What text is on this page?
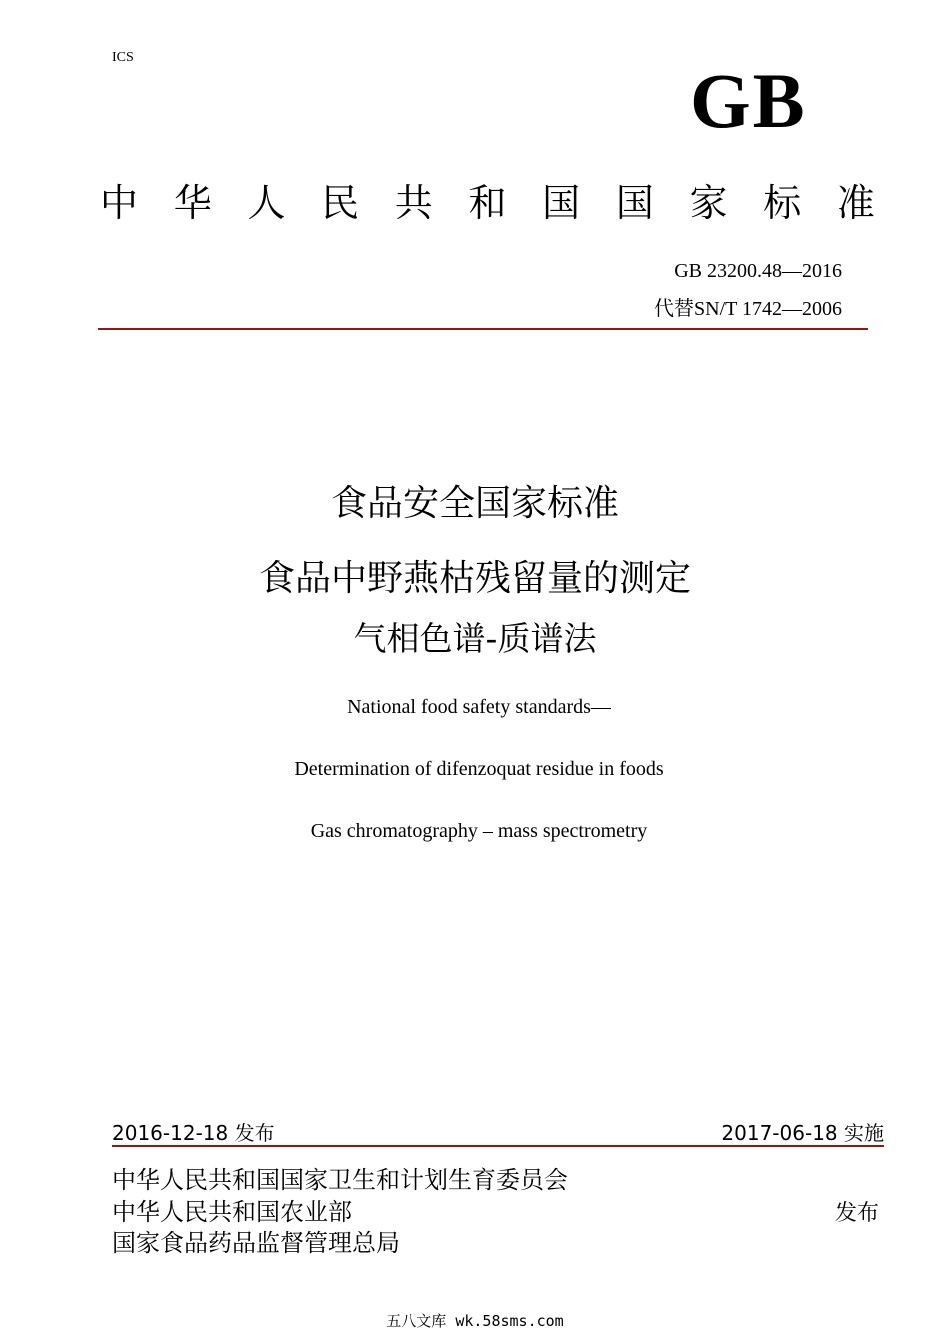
ICS	GB
中 华 人 民 共 和 国 国 家 标 准
GB 23200.48—2016
代替SN/T 1742—2006
食品安全国家标准
食品中野燕枯残留量的测定
气相色谱-质谱法
National food safety standards—
Determination of difenzoquat residue in foods
Gas chromatography – mass spectrometry
2016-12-18 发布	2017-06-18 实施
中华人民共和国国家卫生和计划生育委员会
中华人民共和国农业部
国家食品药品监督管理总局
发布
五八文库 wk.58sms.com
